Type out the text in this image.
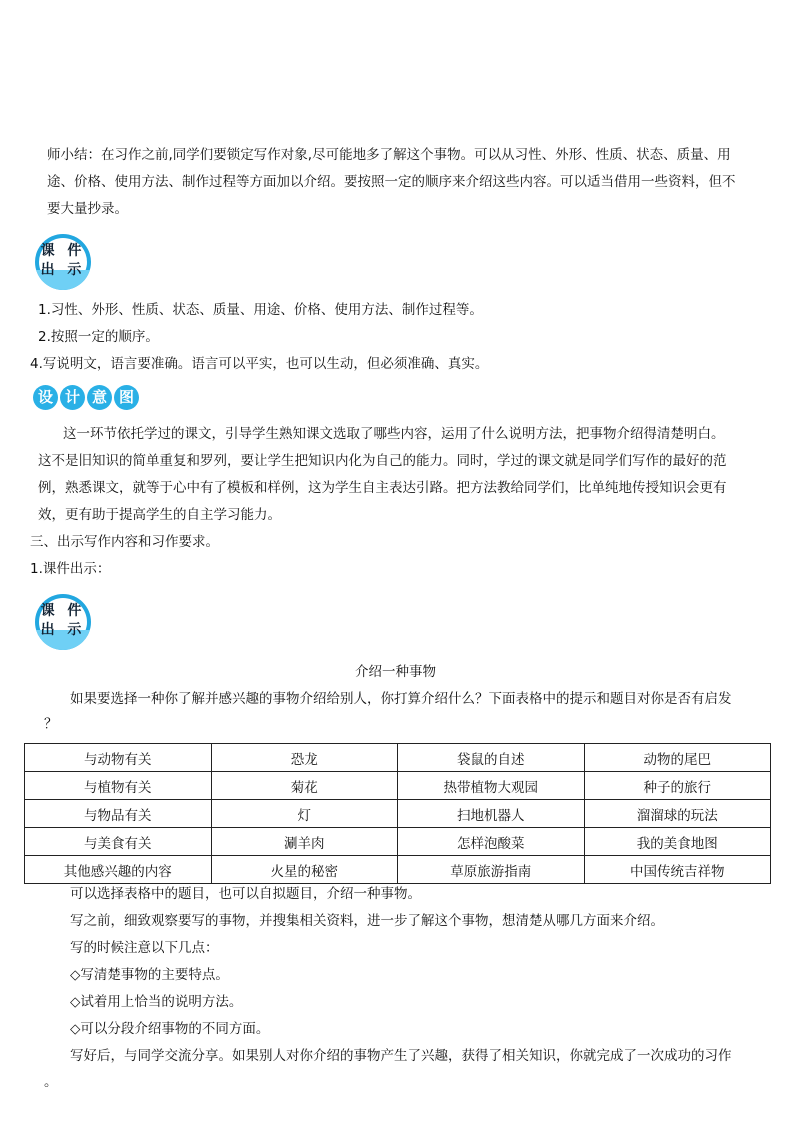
师小结：在习作之前,同学们要锁定写作对象,尽可能地多了解这个事物。可以从习性、外形、性质、状态、质量、用
途、价格、使用方法、制作过程等方面加以介绍。要按照一定的顺序来介绍这些内容。可以适当借用一些资料，但不
要大量抄录。
课 件
出 示
1.习性、外形、性质、状态、质量、用途、价格、使用方法、制作过程等。
2.按照一定的顺序。
4.写说明文，语言要准确。语言可以平实，也可以生动，但必须准确、真实。
设 计 意 图
这一环节依托学过的课文，引导学生熟知课文选取了哪些内容，运用了什么说明方法，把事物介绍得清楚明白。
这不是旧知识的简单重复和罗列，要让学生把知识内化为自己的能力。同时，学过的课文就是同学们写作的最好的范
例，熟悉课文，就等于心中有了模板和样例，这为学生自主表达引路。把方法教给同学们，比单纯地传授知识会更有
效，更有助于提高学生的自主学习能力。
三、出示写作内容和习作要求。
1.课件出示：
课 件
出 示
介绍一种事物
如果要选择一种你了解并感兴趣的事物介绍给别人，你打算介绍什么？下面表格中的提示和题目对你是否有启发
？
与动物有关	恐龙	袋鼠的自述	动物的尾巴
与植物有关	菊花	热带植物大观园	种子的旅行
与物品有关	灯	扫地机器人	溜溜球的玩法
与美食有关	涮羊肉	怎样泡酸菜	我的美食地图
其他感兴趣的内容	火星的秘密	草原旅游指南	中国传统吉祥物
可以选择表格中的题目，也可以自拟题目，介绍一种事物。
写之前，细致观察要写的事物，并搜集相关资料，进一步了解这个事物，想清楚从哪几方面来介绍。
写的时候注意以下几点：
◇写清楚事物的主要特点。
◇试着用上恰当的说明方法。
◇可以分段介绍事物的不同方面。
写好后，与同学交流分享。如果别人对你介绍的事物产生了兴趣，获得了相关知识，你就完成了一次成功的习作
。
